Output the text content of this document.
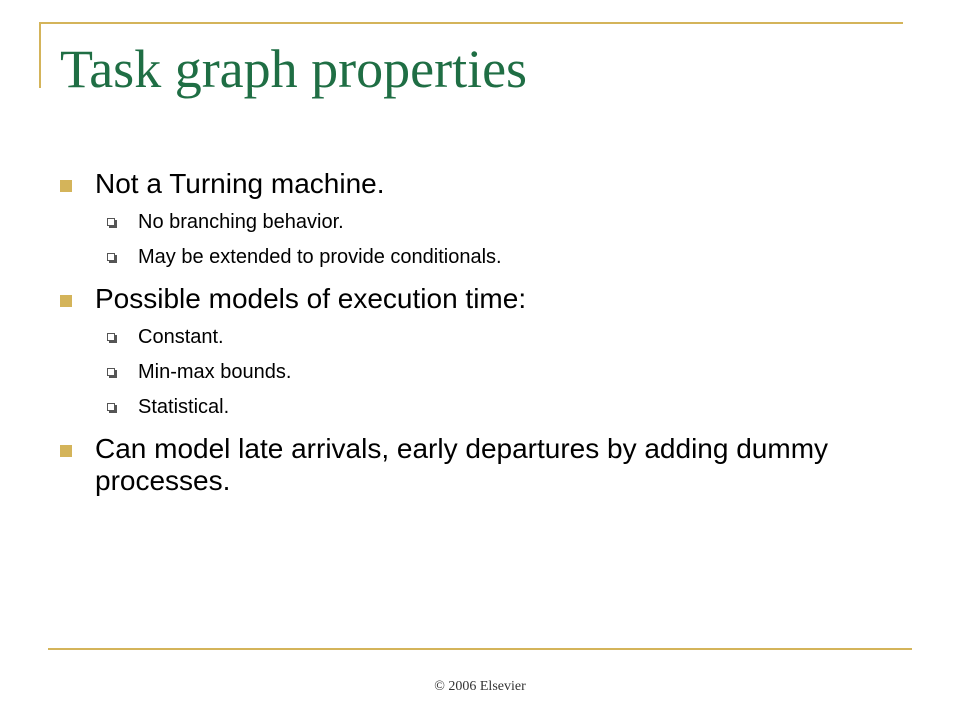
Task graph properties
Not a Turning machine.
No branching behavior.
May be extended to provide conditionals.
Possible models of execution time:
Constant.
Min-max bounds.
Statistical.
Can model late arrivals, early departures by adding dummy processes.
© 2006 Elsevier
